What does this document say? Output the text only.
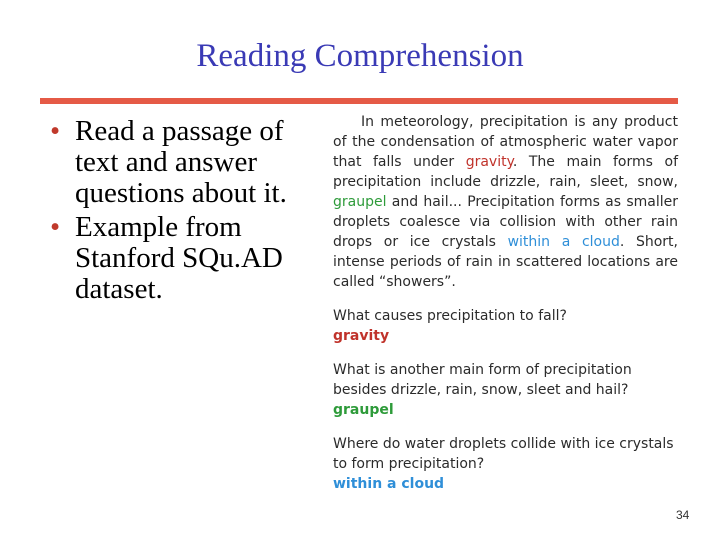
Reading Comprehension
• Read a passage of text and answer questions about it.
• Example from Stanford SQu.AD dataset.

In meteorology, precipitation is any product of the condensation of atmospheric water vapor that falls under gravity. The main forms of precipitation include drizzle, rain, sleet, snow, graupel and hail... Precipitation forms as smaller droplets coalesce via collision with other rain drops or ice crystals within a cloud. Short, intense periods of rain in scattered locations are called “showers”.

What causes precipitation to fall?
gravity
What is another main form of precipitation besides drizzle, rain, snow, sleet and hail?
graupel
Where do water droplets collide with ice crystals to form precipitation?
within a cloud
34
